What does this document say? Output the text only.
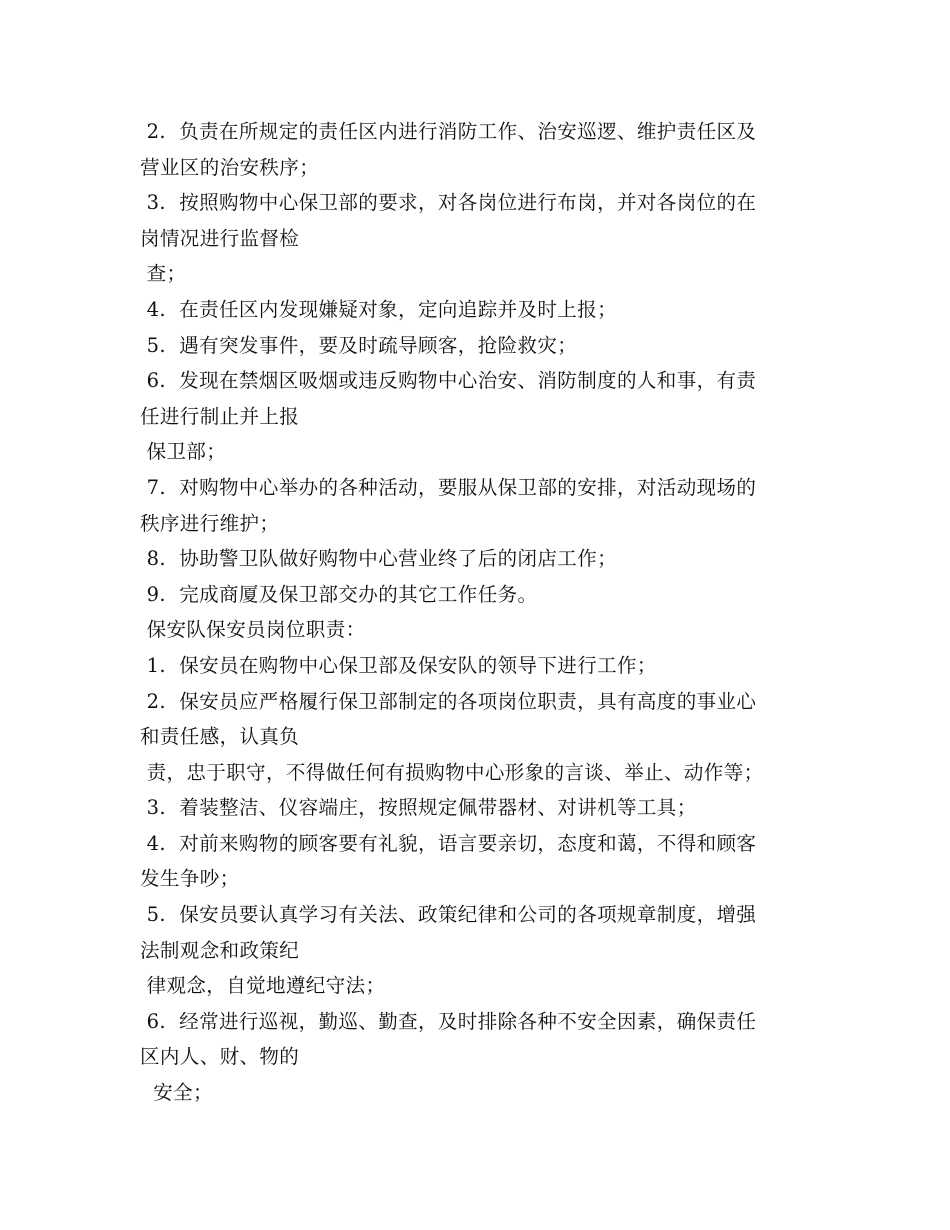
2.  负责在所规定的责任区内进行消防工作、治安巡逻、维护责任区及
营业区的治安秩序；
3.  按照购物中心保卫部的要求，对各岗位进行布岗，并对各岗位的在
岗情况进行监督检
查；
4.  在责任区内发现嫌疑对象，定向追踪并及时上报；
5.  遇有突发事件，要及时疏导顾客，抢险救灾；
6.  发现在禁烟区吸烟或违反购物中心治安、消防制度的人和事，有责
任进行制止并上报
保卫部；
7.  对购物中心举办的各种活动，要服从保卫部的安排，对活动现场的
秩序进行维护；
8.  协助警卫队做好购物中心营业终了后的闭店工作；
9.  完成商厦及保卫部交办的其它工作任务。
保安队保安员岗位职责：
1.  保安员在购物中心保卫部及保安队的领导下进行工作；
2.  保安员应严格履行保卫部制定的各项岗位职责，具有高度的事业心
和责任感，认真负
责，忠于职守，不得做任何有损购物中心形象的言谈、举止、动作等；
3.  着装整洁、仪容端庄，按照规定佩带器材、对讲机等工具；
4.  对前来购物的顾客要有礼貌，语言要亲切，态度和蔼，不得和顾客
发生争吵；
5.  保安员要认真学习有关法、政策纪律和公司的各项规章制度，增强
法制观念和政策纪
律观念，自觉地遵纪守法；
6.  经常进行巡视，勤巡、勤查，及时排除各种不安全因素，确保责任
区内人、财、物的
安全；
